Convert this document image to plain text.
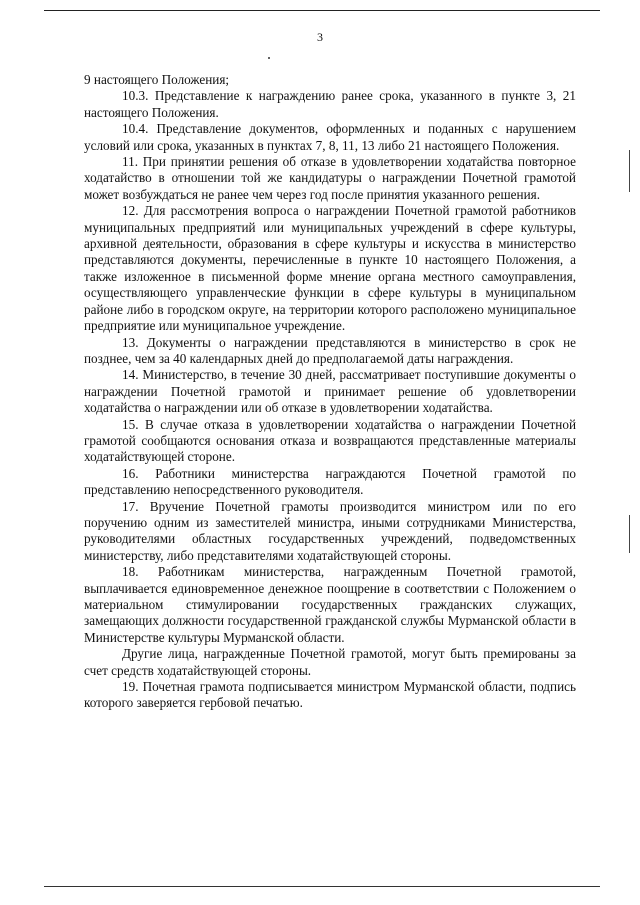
3

9 настоящего Положения;

10.3. Представление к награждению ранее срока, указанного в пункте 3, 21 настоящего Положения.

10.4. Представление документов, оформленных и поданных с нарушением условий или срока, указанных в пунктах 7, 8, 11, 13 либо 21 настоящего Положения.

11. При принятии решения об отказе в удовлетворении ходатайства повторное ходатайство в отношении той же кандидатуры о награждении Почетной грамотой может возбуждаться не ранее чем через год после принятия указанного решения.

12. Для рассмотрения вопроса о награждении Почетной грамотой работников муниципальных предприятий или муниципальных учреждений в сфере культуры, архивной деятельности, образования в сфере культуры и искусства в министерство представляются документы, перечисленные в пункте 10 настоящего Положения, а также изложенное в письменной форме мнение органа местного самоуправления, осуществляющего управленческие функции в сфере культуры в муниципальном районе либо в городском округе, на территории которого расположено муниципальное предприятие или муниципальное учреждение.

13. Документы о награждении представляются в министерство в срок не позднее, чем за 40 календарных дней до предполагаемой даты награждения.

14. Министерство, в течение 30 дней, рассматривает поступившие документы о награждении Почетной грамотой и принимает решение об удовлетворении ходатайства о награждении или об отказе в удовлетворении ходатайства.

15. В случае отказа в удовлетворении ходатайства о награждении Почетной грамотой сообщаются основания отказа и возвращаются представленные материалы ходатайствующей стороне.

16. Работники министерства награждаются Почетной грамотой по представлению непосредственного руководителя.

17. Вручение Почетной грамоты производится министром или по его поручению одним из заместителей министра, иными сотрудниками Министерства, руководителями областных государственных учреждений, подведомственных министерству, либо представителями ходатайствующей стороны.

18. Работникам министерства, награжденным Почетной грамотой, выплачивается единовременное денежное поощрение в соответствии с Положением о материальном стимулировании государственных гражданских служащих, замещающих должности государственной гражданской службы Мурманской области в Министерстве культуры Мурманской области.

Другие лица, награжденные Почетной грамотой, могут быть премированы за счет средств ходатайствующей стороны.

19. Почетная грамота подписывается министром Мурманской области, подпись которого заверяется гербовой печатью.
